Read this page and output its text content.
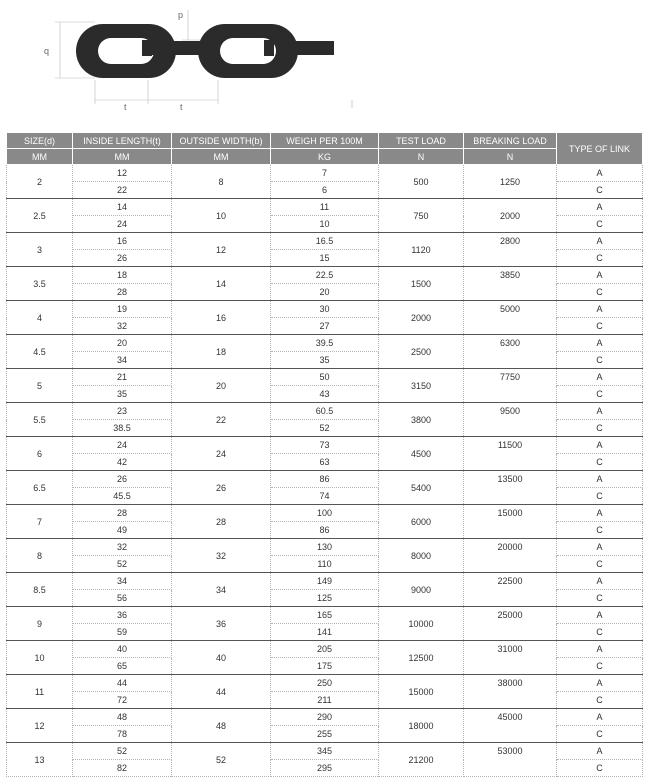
q
p
t	t
SIZE(d)	INSIDE LENGTH(t)	OUTSIDE WIDTH(b)	WEIGH PER 100M	TEST LOAD	BREAKING LOAD	TYPE OF LINK
MM	MM	MM	KG	N	N	
2	12	8	7	500	1250	A
	22		6			C
2.5	14	10	11	750	2000	A
	24		10			C
3	16	12	16.5	1120	2800	A
	26		15			C
3.5	18	14	22.5	1500	3850	A
	28		20			C
4	19	16	30	2000	5000	A
	32		27			C
4.5	20	18	39.5	2500	6300	A
	34		35			C
5	21	20	50	3150	7750	A
	35		43			C
5.5	23	22	60.5	3800	9500	A
	38.5		52			C
6	24	24	73	4500	11500	A
	42		63			C
6.5	26	26	86	5400	13500	A
	45.5		74			C
7	28	28	100	6000	15000	A
	49		86			C
8	32	32	130	8000	20000	A
	52		110			C
8.5	34	34	149	9000	22500	A
	56		125			C
9	36	36	165	10000	25000	A
	59		141			C
10	40	40	205	12500	31000	A
	65		175			C
11	44	44	250	15000	38000	A
	72		211			C
12	48	48	290	18000	45000	A
	78		255			C
13	52	52	345	21200	53000	A
	82		295			C
